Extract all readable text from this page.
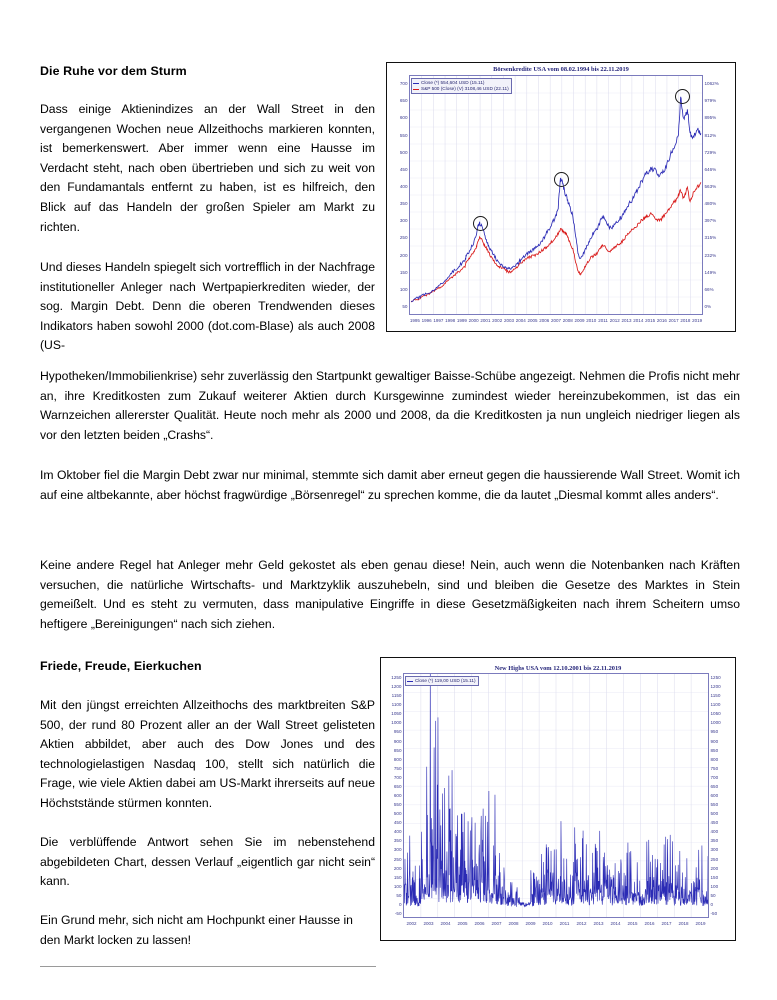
Die Ruhe vor dem Sturm
Dass einige Aktienindizes an der Wall Street in den vergangenen Wochen neue Allzeithochs markieren konnten, ist bemerkenswert. Aber immer wenn eine Hausse im Verdacht steht, nach oben übertrieben und sich zu weit von den Fundamantals entfernt zu haben, ist es hilfreich, den Blick auf das Handeln der großen Spieler am Markt zu richten.
Und dieses Handeln spiegelt sich vortrefflich in der Nachfrage institutioneller Anleger nach Wertpapierkrediten wieder, der sog. Margin Debt. Denn die oberen Trendwenden dieses Indikators haben sowohl 2000 (dot.com-Blase) als auch 2008 (US-
Hypotheken/Immobilienkrise) sehr zuverlässig den Startpunkt gewaltiger Baisse-Schübe angezeigt. Nehmen die Profis nicht mehr an, ihre Kreditkosten zum Zukauf weiterer Aktien durch Kursgewinne zumindest wieder hereinzubekommen, ist das ein Warnzeichen allererster Qualität. Heute noch mehr als 2000 und 2008, da die Kreditkosten ja nun ungleich niedriger liegen als vor den letzten beiden „Crashs“.
Im Oktober fiel die Margin Debt zwar nur minimal, stemmte sich damit aber erneut gegen die haussierende Wall Street. Womit ich auf eine altbekannte, aber höchst fragwürdige „Börsenregel“ zu sprechen komme, die da lautet „Diesmal kommt alles anders“.
Keine andere Regel hat Anleger mehr Geld gekostet als eben genau diese! Nein, auch wenn die Notenbanken nach Kräften versuchen, die natürliche Wirtschafts- und Marktzyklik auszuhebeln, sind und bleiben die Gesetze des Marktes in Stein gemeißelt. Und es steht zu vermuten, dass manipulative Eingriffe in diese Gesetzmäßigkeiten nach ihrem Scheitern umso heftigere „Bereinigungen“ nach sich ziehen.
Friede, Freude, Eierkuchen
Mit den jüngst erreichten Allzeithochs des marktbreiten S&P 500, der rund 80 Prozent aller an der Wall Street gelisteten Aktien abbildet, aber auch des Dow Jones und des technologielastigen Nasdaq 100, stellt sich natürlich die Frage, wie viele Aktien dabei am US-Markt ihrerseits auf neue Höchststände stürmen konnten.
Die verblüffende Antwort sehen Sie im nebenstehend abgebildeten Chart, dessen Verlauf „eigentlich gar nicht sein“ kann.
Ein Grund mehr, sich nicht am Hochpunkt einer Hausse in den Markt locken zu lassen!
Börsenkredite USA vom 08.02.1994 bis 22.11.2019
700
650
600
550
500
450
400
350
300
250
200
150
100
50
1062%
979%
895%
812%
729%
646%
563%
480%
397%
315%
232%
149%
66%
0%
1995 1996 1997 1998 1999 2000 2001 2002 2003 2004 2005 2006 2007 2008 2009 2010 2011 2012 2013 2014 2015 2016 2017 2018 2019
Close (*) 554,604 USD (15.11)
S&P 500 (Close) (V) 3108,46 USD (22.11)
New Highs USA vom 12.10.2001 bis 22.11.2019
1250
1200
1150
1100
1050
1000
950
900
850
800
750
700
650
600
550
500
450
400
350
300
250
200
150
100
50
0
-50
1250
1200
1150
1100
1050
1000
950
900
850
800
750
700
650
600
550
500
450
400
350
300
250
200
150
100
50
0
-50
2002 2003 2004 2005 2006 2007 2008 2009 2010 2011 2012 2013 2014 2015 2016 2017 2018 2019
Close (*) 119,00 USD (15.11)
